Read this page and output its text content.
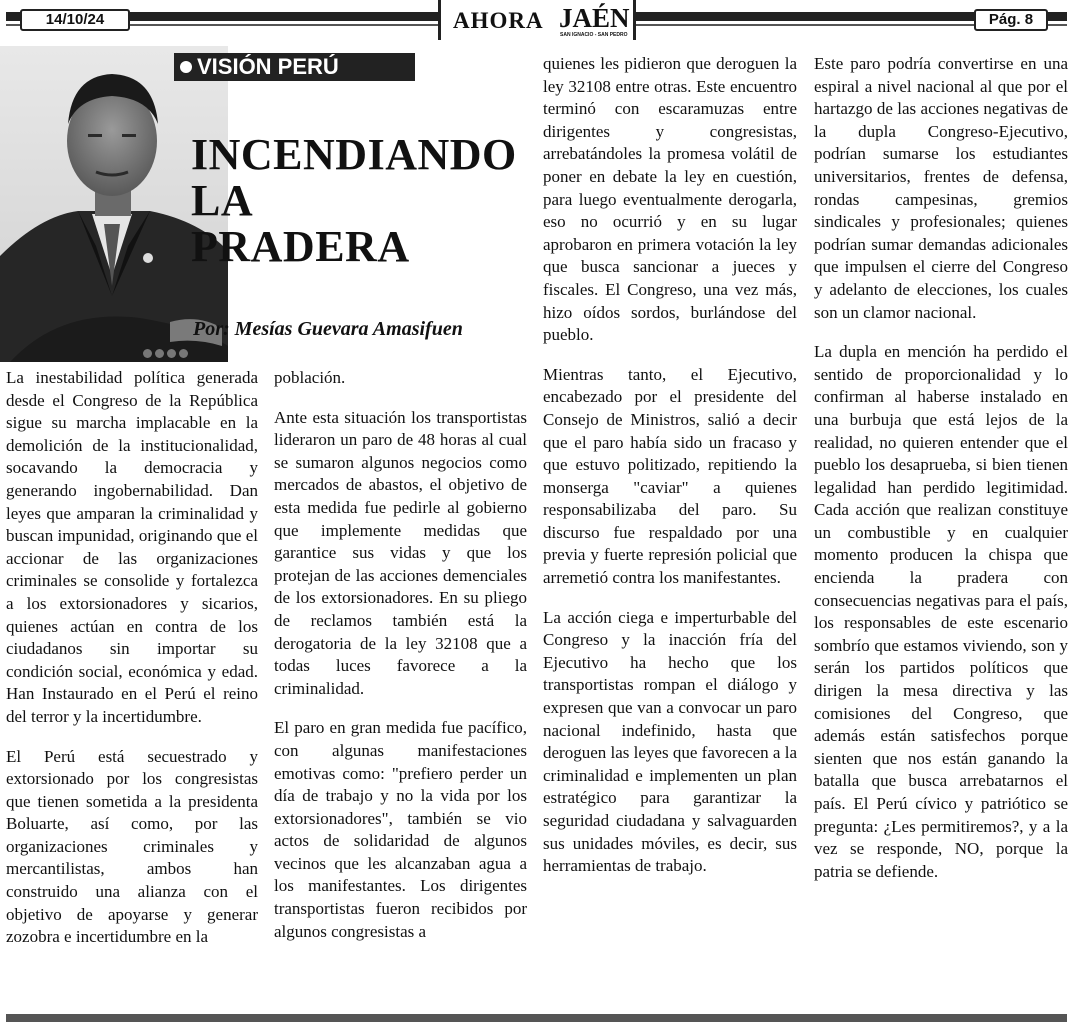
14/10/24	AHORA JAÉN
SAN IGNACIO - SAN PEDRO
Pág. 8
VISIÓN PERÚ
INCENDIANDO
LA
PRADERA
Por: Mesías Guevara Amasifuen

La inestabilidad política generada desde el Congreso de la República sigue su marcha implacable en la demolición de la institucionalidad, socavando la democracia y generando ingobernabilidad. Dan leyes que amparan la criminalidad y buscan impunidad, originando que el accionar de las organizaciones criminales se consolide y fortalezca a los extorsionadores y sicarios, quienes actúan en contra de los ciudadanos sin importar su condición social, económica y edad. Han Instaurado en el Perú el reino del terror y la incertidumbre.

El Perú está secuestrado y extorsionado por los congresistas que tienen sometida a la presidenta Boluarte, así como, por las organizaciones criminales y mercantilistas, ambos han construido una alianza con el objetivo de apoyarse y generar zozobra e incertidumbre en la

población.

Ante esta situación los transportistas lideraron un paro de 48 horas al cual se sumaron algunos negocios como mercados de abastos, el objetivo de esta medida fue pedirle al gobierno que implemente medidas que garantice sus vidas y que los protejan de las acciones demenciales de los extorsionadores. En su pliego de reclamos también está la derogatoria de la ley 32108 que a todas luces favorece a la criminalidad.

El paro en gran medida fue pacífico, con algunas manifestaciones emotivas como: "prefiero perder un día de trabajo y no la vida por los extorsionadores", también se vio actos de solidaridad de algunos vecinos que les alcanzaban agua a los manifestantes. Los dirigentes transportistas fueron recibidos por algunos congresistas a

quienes les pidieron que deroguen la ley 32108 entre otras. Este encuentro terminó con escaramuzas entre dirigentes y congresistas, arrebatándoles la promesa volátil de poner en debate la ley en cuestión, para luego eventualmente derogarla, eso no ocurrió y en su lugar aprobaron en primera votación la ley que busca sancionar a jueces y fiscales. El Congreso, una vez más, hizo oídos sordos, burlándose del pueblo.

Mientras tanto, el Ejecutivo, encabezado por el presidente del Consejo de Ministros, salió a decir que el paro había sido un fracaso y que estuvo politizado, repitiendo la monserga "caviar" a quienes responsabilizaba del paro. Su discurso fue respaldado por una previa y fuerte represión policial que arremetió contra los manifestantes.

La acción ciega e imperturbable del Congreso y la inacción fría del Ejecutivo ha hecho que los transportistas rompan el diálogo y expresen que van a convocar un paro nacional indefinido, hasta que deroguen las leyes que favorecen a la criminalidad e implementen un plan estratégico para garantizar la seguridad ciudadana y salvaguarden sus unidades móviles, es decir, sus herramientas de trabajo.

Este paro podría convertirse en una espiral a nivel nacional al que por el hartazgo de las acciones negativas de la dupla Congreso-Ejecutivo, podrían sumarse los estudiantes universitarios, frentes de defensa, rondas campesinas, gremios sindicales y profesionales; quienes podrían sumar demandas adicionales que impulsen el cierre del Congreso y adelanto de elecciones, los cuales son un clamor nacional.

La dupla en mención ha perdido el sentido de proporcionalidad y lo confirman al haberse instalado en una burbuja que está lejos de la realidad, no quieren entender que el pueblo los desaprueba, si bien tienen legalidad han perdido legitimidad. Cada acción que realizan constituye un combustible y en cualquier momento producen la chispa que encienda la pradera con consecuencias negativas para el país, los responsables de este escenario sombrío que estamos viviendo, son y serán los partidos políticos que dirigen la mesa directiva y las comisiones del Congreso, que además están satisfechos porque sienten que nos están ganando la batalla que busca arrebatarnos el país. El Perú cívico y patriótico se pregunta: ¿Les permitiremos?, y a la vez se responde, NO, porque la patria se defiende.
